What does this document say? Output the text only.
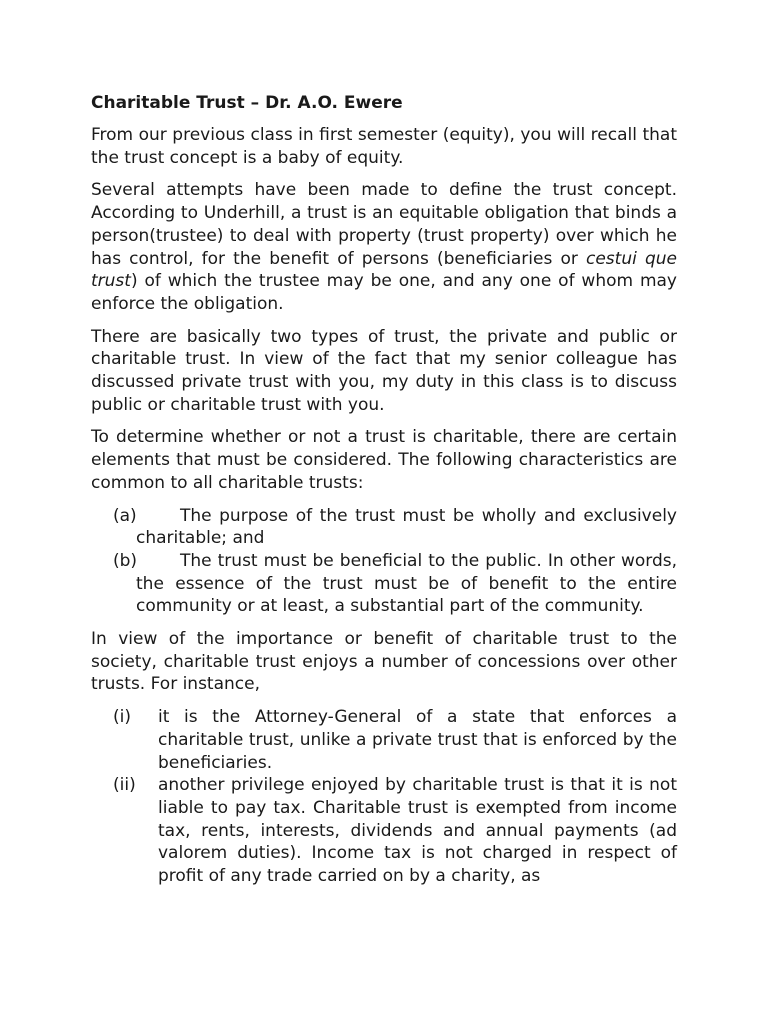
Charitable Trust – Dr. A.O. Ewere

From our previous class in first semester (equity), you will recall that the trust concept is a baby of equity.

Several attempts have been made to define the trust concept. According to Underhill, a trust is an equitable obligation that binds a person(trustee) to deal with property (trust property) over which he has control, for the benefit of persons (beneficiaries or cestui que trust) of which the trustee may be one, and any one of whom may enforce the obligation.

There are basically two types of trust, the private and public or charitable trust. In view of the fact that my senior colleague has discussed private trust with you, my duty in this class is to discuss public or charitable trust with you.

To determine whether or not a trust is charitable, there are certain elements that must be considered. The following characteristics are common to all charitable trusts:

(a)	The purpose of the trust must be wholly and exclusively charitable; and
(b)	The trust must be beneficial to the public. In other words, the essence of the trust must be of benefit to the entire community or at least, a substantial part of the community.

In view of the importance or benefit of charitable trust to the society, charitable trust enjoys a number of concessions over other trusts. For instance,

(i) it is the Attorney-General of a state that enforces a charitable trust, unlike a private trust that is enforced by the beneficiaries.
(ii) another privilege enjoyed by charitable trust is that it is not liable to pay tax. Charitable trust is exempted from income tax, rents, interests, dividends and annual payments (ad valorem duties). Income tax is not charged in respect of profit of any trade carried on by a charity, as
